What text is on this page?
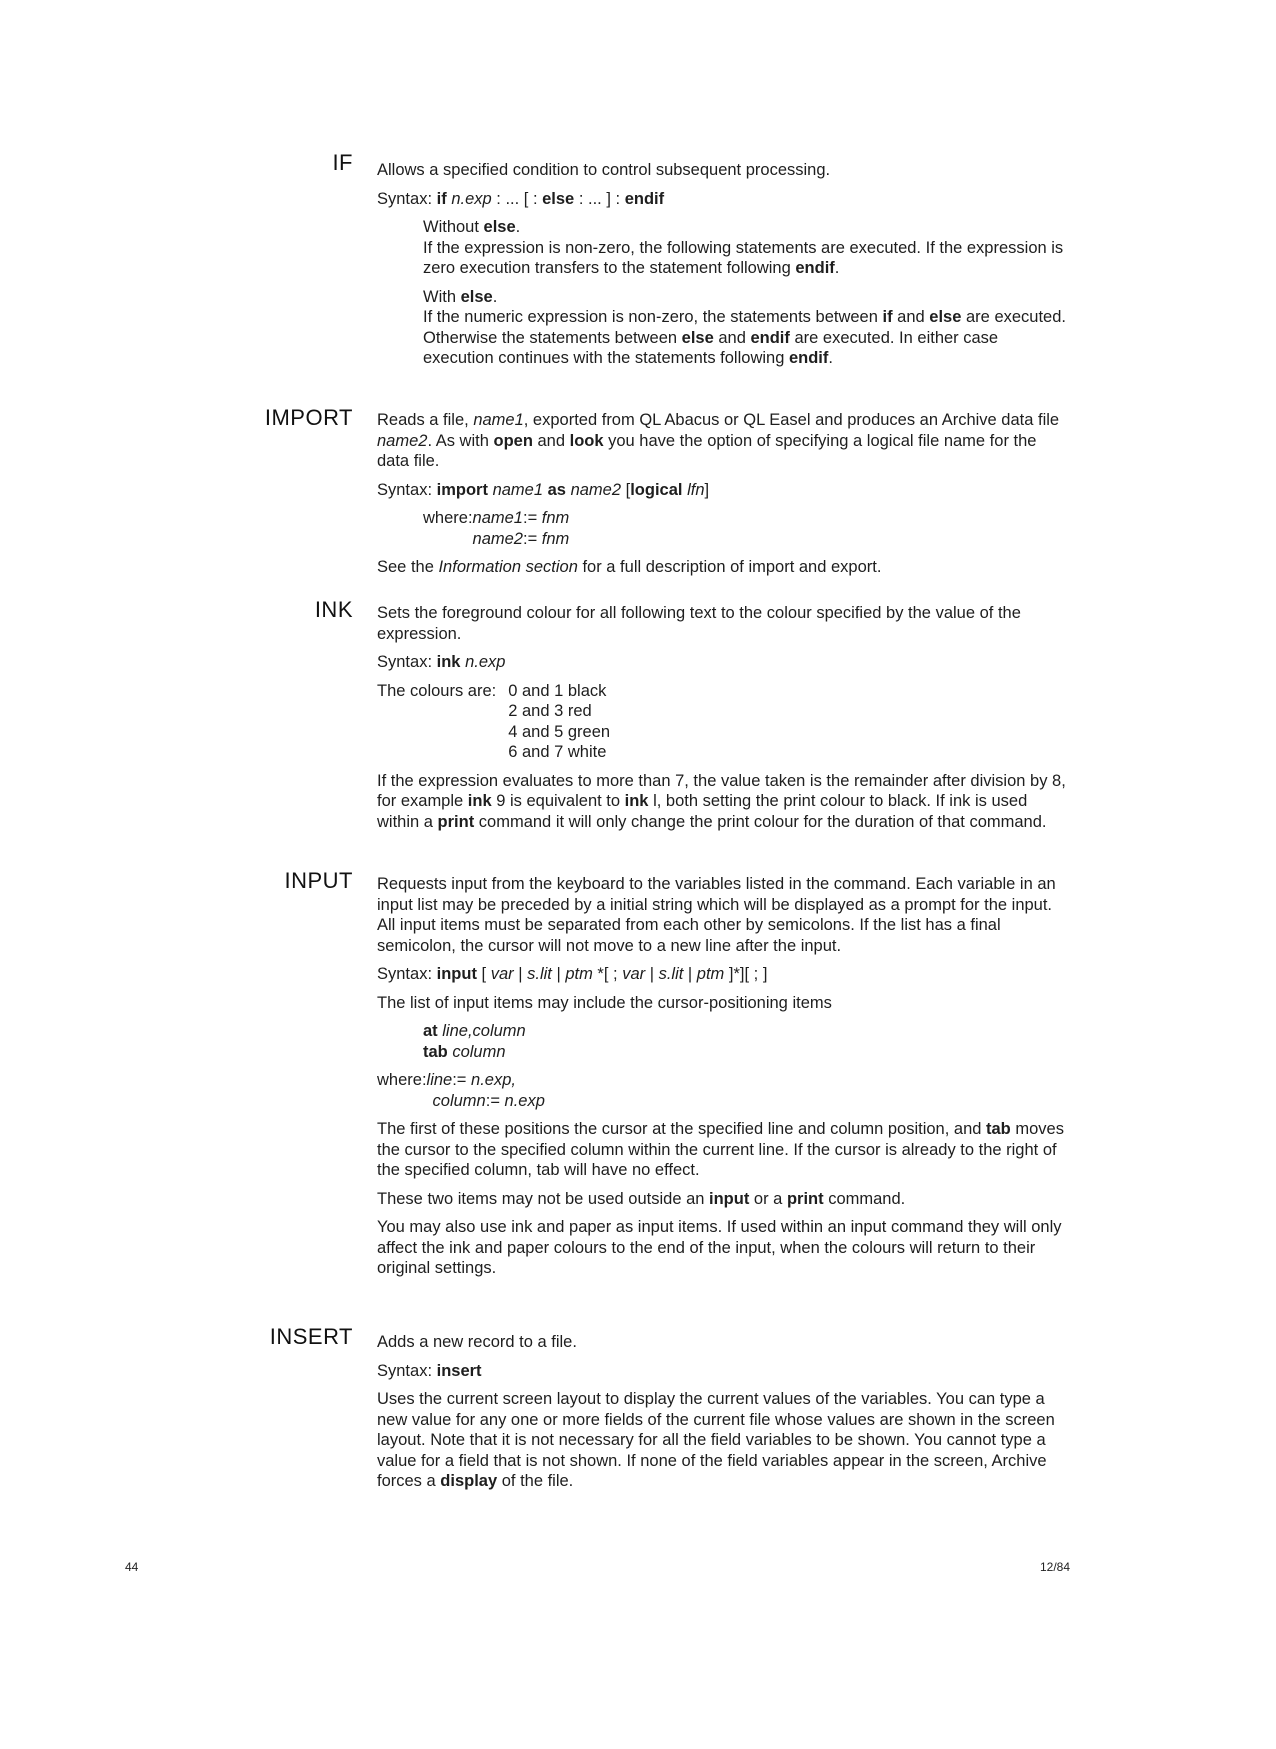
IF Allows a specified condition to control subsequent processing.

Syntax: if n.exp : ... [ : else : ... ] : endif

Without else.

If the expression is non-zero, the following statements are executed. If the expression is zero execution transfers to the statement following endif.

With else.

If the numeric expression is non-zero, the statements between if and else are executed. Otherwise the statements between else and endif are executed. In either case execution continues with the statements following endif.

IMPORT Reads a file, name1, exported from QL Abacus or QL Easel and produces an Archive data file name2. As with open and look you have the option of specifying a logical file name for the data file.

Syntax: import name1 as name2 [logical lfn]

where:	name1:= fnm
	name2:= fnm

See the Information section for a full description of import and export.

INK Sets the foreground colour for all following text to the colour specified by the value of the expression.

Syntax: ink n.exp

The colours are:	0 and 1 black
	2 and 3 red
	4 and 5 green
	6 and 7 white

If the expression evaluates to more than 7, the value taken is the remainder after division by 8, for example ink 9 is equivalent to ink l, both setting the print colour to black. If ink is used within a print command it will only change the print colour for the duration of that command.

INPUT Requests input from the keyboard to the variables listed in the command. Each variable in an input list may be preceded by a initial string which will be displayed as a prompt for the input. All input items must be separated from each other by semicolons. If the list has a final semicolon, the cursor will not move to a new line after the input.

Syntax: input [ var | s.lit | ptm *[ ; var | s.lit | ptm ]*][ ; ]

The list of input items may include the cursor-positioning items

at line,column
tab column
where:	line:= n.exp,
	column:= n.exp

The first of these positions the cursor at the specified line and column position, and tab moves the cursor to the specified column within the current line. If the cursor is already to the right of the specified column, tab will have no effect.

These two items may not be used outside an input or a print command.

You may also use ink and paper as input items. If used within an input command they will only affect the ink and paper colours to the end of the input, when the colours will return to their original settings.

INSERT Adds a new record to a file.

Syntax: insert

Uses the current screen layout to display the current values of the variables. You can type a new value for any one or more fields of the current file whose values are shown in the screen layout. Note that it is not necessary for all the field variables to be shown. You cannot type a value for a field that is not shown. If none of the field variables appear in the screen, Archive forces a display of the file.

44	12/84
